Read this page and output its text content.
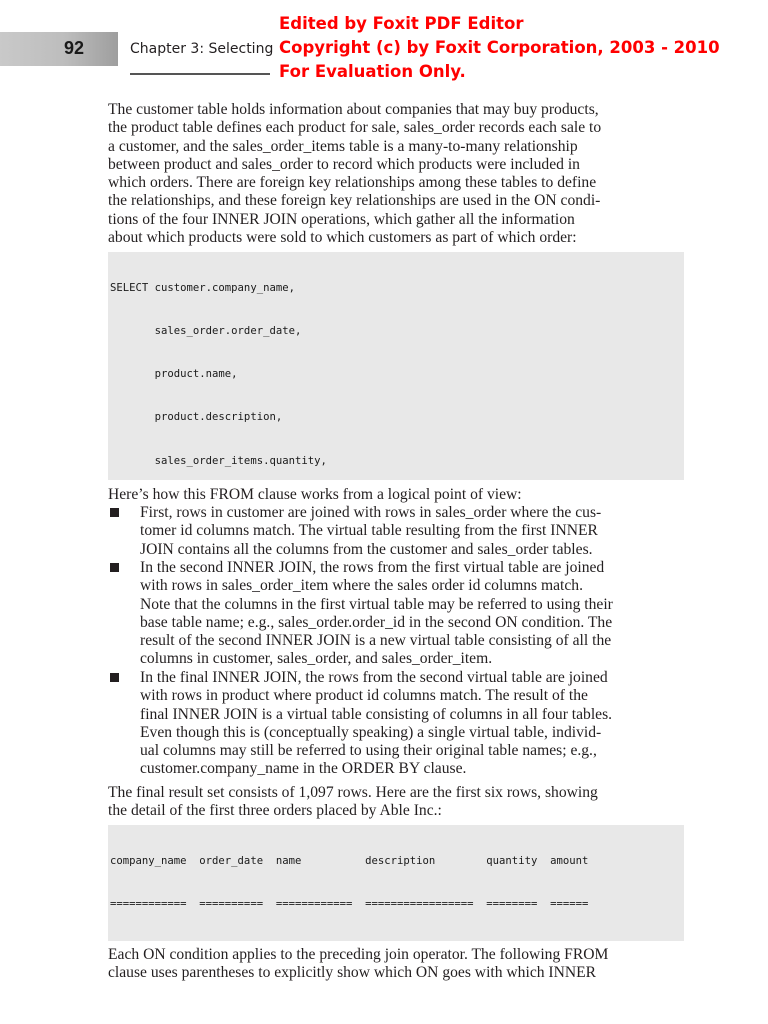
92	Chapter 3: Selecting
Edited by Foxit PDF Editor
Copyright (c) by Foxit Corporation, 2003 - 2010
For Evaluation Only.
The customer table holds information about companies that may buy products,
the product table defines each product for sale, sales_order records each sale to
a customer, and the sales_order_items table is a many-to-many relationship
between product and sales_order to record which products were included in
which orders. There are foreign key relationships among these tables to define
the relationships, and these foreign key relationships are used in the ON condi-
tions of the four INNER JOIN operations, which gather all the information
about which products were sold to which customers as part of which order:

SELECT customer.company_name,

sales_order.order_date,

product.name,

product.description,

sales_order_items.quantity,

Here’s how this FROM clause works from a logical point of view:
First, rows in customer are joined with rows in sales_order where the cus-
tomer id columns match. The virtual table resulting from the first INNER
JOIN contains all the columns from the customer and sales_order tables.
In the second INNER JOIN, the rows from the first virtual table are joined
with rows in sales_order_item where the sales order id columns match.
Note that the columns in the first virtual table may be referred to using their
base table name; e.g., sales_order.order_id in the second ON condition. The
result of the second INNER JOIN is a new virtual table consisting of all the
columns in customer, sales_order, and sales_order_item.
In the final INNER JOIN, the rows from the second virtual table are joined
with rows in product where product id columns match. The result of the
final INNER JOIN is a virtual table consisting of columns in all four tables.
Even though this is (conceptually speaking) a single virtual table, individ-
ual columns may still be referred to using their original table names; e.g.,
customer.company_name in the ORDER BY clause.
The final result set consists of 1,097 rows. Here are the first six rows, showing
the detail of the first three orders placed by Able Inc.:

company_name  order_date  name          description        quantity  amount

============  ==========  ============  =================  ========  ======

Each ON condition applies to the preceding join operator. The following FROM
clause uses parentheses to explicitly show which ON goes with which INNER
